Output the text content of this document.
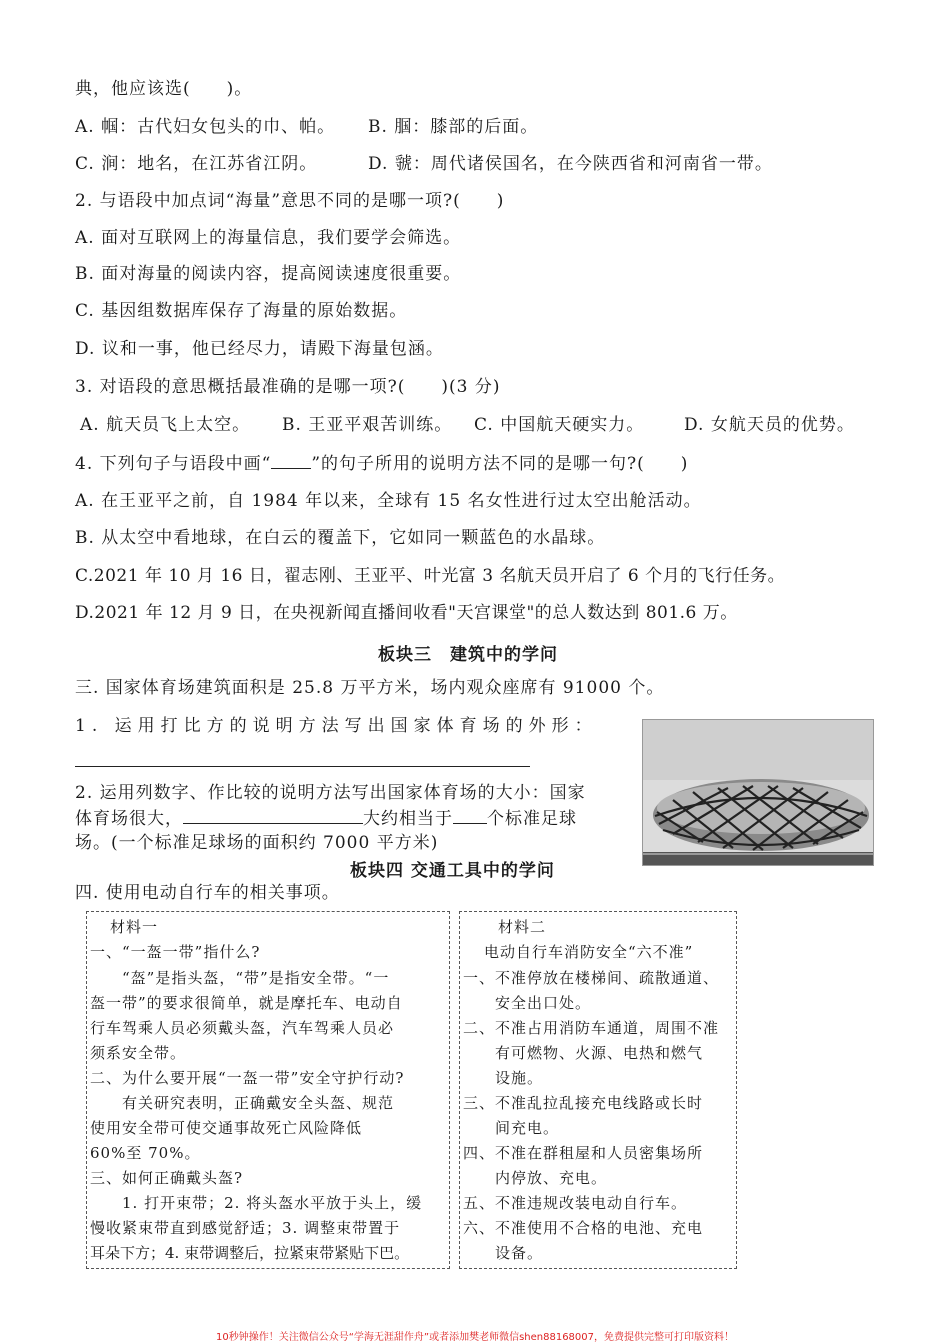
典，他应该选(　　)。
A. 帼：古代妇女包头的巾、帕。 B. 腘：膝部的后面。
C. 涧：地名，在江苏省江阴。	D. 虢：周代诸侯国名，在今陕西省和河南省一带。
2. 与语段中加点词“海量”意思不同的是哪一项?(　　)
A. 面对互联网上的海量信息，我们要学会筛选。
B. 面对海量的阅读内容，提高阅读速度很重要。
C. 基因组数据库保存了海量的原始数据。
D. 议和一事，他已经尽力，请殿下海量包涵。
3. 对语段的意思概括最准确的是哪一项?(　　)(3 分)
A. 航天员飞上太空。 B. 王亚平艰苦训练。 C. 中国航天硬实力。 D. 女航天员的优势。
4. 下列句子与语段中画“ ”的句子所用的说明方法不同的是哪一句?(　　)
A. 在王亚平之前，自 1984 年以来，全球有 15 名女性进行过太空出舱活动。
B. 从太空中看地球，在白云的覆盖下，它如同一颗蓝色的水晶球。
C.2021 年 10 月 16 日，翟志刚、王亚平、叶光富 3 名航天员开启了 6 个月的飞行任务。
D.2021 年 12 月 9 日，在央视新闻直播间收看"天宫课堂"的总人数达到 801.6 万。
板块三　建筑中的学问
三. 国家体育场建筑面积是 25.8 万平方米，场内观众座席有 91000 个。
1. 运用打比方的说明方法写出国家体育场的外形：
2. 运用列数字、作比较的说明方法写出国家体育场的大小：国家
体育场很大，	大约相当于 个标准足球
场。(一个标准足球场的面积约 7000 平方米)
板块四 交通工具中的学问
四. 使用电动自行车的相关事项。
材料一
一、“一盔一带”指什么?
　　“盔”是指头盔，“带”是指安全带。“一
盔一带”的要求很简单，就是摩托车、电动自
行车驾乘人员必须戴头盔，汽车驾乘人员必
须系安全带。
二、为什么要开展“一盔一带”安全守护行动?
　　有关研究表明，正确戴安全头盔、规范
使用安全带可使交通事故死亡风险降低
60%至 70%。
三、如何正确戴头盔?
　　1. 打开束带；2. 将头盔水平放于头上，缓
慢收紧束带直到感觉舒适；3. 调整束带置于
耳朵下方；4. 束带调整后，拉紧束带紧贴下巴。
材料二
电动自行车消防安全“六不准”
一、不准停放在楼梯间、疏散通道、
　　安全出口处。
二、不准占用消防车通道，周围不准
　　有可燃物、火源、电热和燃气
　　设施。
三、不准乱拉乱接充电线路或长时
　　间充电。
四、不准在群租屋和人员密集场所
　　内停放、充电。
五、不准违规改装电动自行车。
六、不准使用不合格的电池、充电
　　设备。
10秒钟操作！关注微信公众号“学海无涯甜作舟”或者添加樊老师微信shen88168007，免费提供完整可打印版资料！
